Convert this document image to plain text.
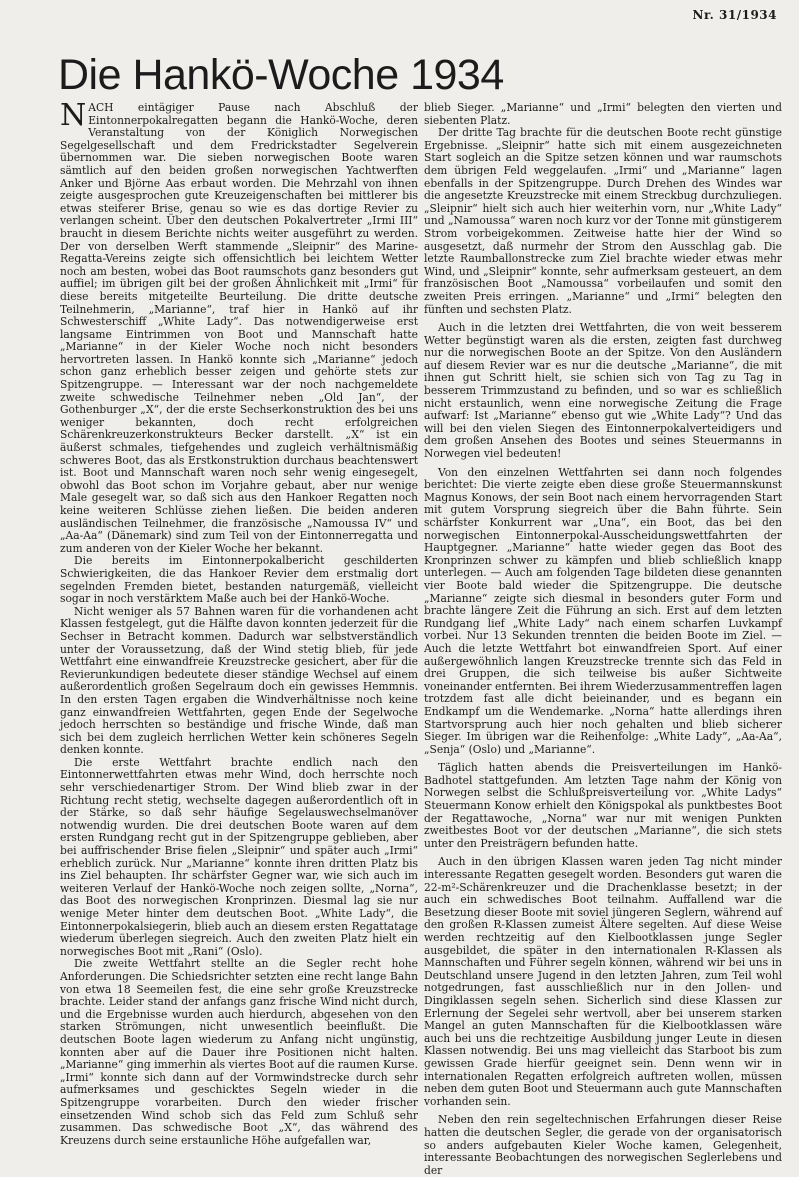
Nr. 31/1934
Die Hankö-Woche 1934

NACH eintägiger Pause nach Abschluß der Eintonnerpokalregatten begann die Hankö-Woche, deren Veranstaltung von der Königlich Norwegischen Segelgesellschaft und dem Fredrickstadter Segelverein übernommen war. Die sieben norwegischen Boote waren sämtlich auf den beiden großen norwegischen Yachtwerften Anker und Björne Aas erbaut worden. Die Mehrzahl von ihnen zeigte ausgesprochen gute Kreuzeigenschaften bei mittlerer bis etwas steiferer Brise, genau so wie es das dortige Revier zu verlangen scheint. Über den deutschen Pokalvertreter „Irmi III“ braucht in diesem Berichte nichts weiter ausgeführt zu werden. Der von derselben Werft stammende „Sleipnir“ des Marine-Regatta-Vereins zeigte sich offensichtlich bei leichtem Wetter noch am besten, wobei das Boot raumschots ganz besonders gut auffiel; im übrigen gilt bei der großen Ähnlichkeit mit „Irmi“ für diese bereits mitgeteilte Beurteilung. Die dritte deutsche Teilnehmerin, „Marianne“, traf hier in Hankö auf ihr Schwesterschiff „White Lady“. Das notwendigerweise erst langsame Eintrimmen von Boot und Mannschaft hatte „Marianne“ in der Kieler Woche noch nicht besonders hervortreten lassen. In Hankö konnte sich „Marianne“ jedoch schon ganz erheblich besser zeigen und gehörte stets zur Spitzengruppe. — Interessant war der noch nachgemeldete zweite schwedische Teilnehmer neben „Old Jan“, der Gothenburger „X“, der die erste Sechserkonstruktion des bei uns weniger bekannten, doch recht erfolgreichen Schärenkreuzerkonstrukteurs Becker darstellt. „X“ ist ein äußerst schmales, tiefgehendes und zugleich verhältnismäßig schweres Boot, das als Erstkonstruktion durchaus beachtenswert ist. Boot und Mannschaft waren noch sehr wenig eingesegelt, obwohl das Boot schon im Vorjahre gebaut, aber nur wenige Male gesegelt war, so daß sich aus den Hankoer Regatten noch keine weiteren Schlüsse ziehen ließen. Die beiden anderen ausländischen Teilnehmer, die französische „Namoussa IV“ und „Aa-Aa“ (Dänemark) sind zum Teil von der Eintonnerregatta und zum anderen von der Kieler Woche her bekannt.

Die bereits im Eintonnerpokalbericht geschilderten Schwierigkeiten, die das Hankoer Revier dem erstmalig dort segelnden Fremden bietet, bestanden naturgemäß, vielleicht sogar in noch verstärktem Maße auch bei der Hankö-Woche.

Nicht weniger als 57 Bahnen waren für die vorhandenen acht Klassen festgelegt, gut die Hälfte davon konnten jederzeit für die Sechser in Betracht kommen. Dadurch war selbstverständlich unter der Voraussetzung, daß der Wind stetig blieb, für jede Wettfahrt eine einwandfreie Kreuzstrecke gesichert, aber für die Revierunkundigen bedeutete dieser ständige Wechsel auf einem außerordentlich großen Segelraum doch ein gewisses Hemmnis. In den ersten Tagen ergaben die Windverhältnisse noch keine ganz einwandfreien Wettfahrten, gegen Ende der Segelwoche jedoch herrschten so beständige und frische Winde, daß man sich bei dem zugleich herrlichen Wetter kein schöneres Segeln denken konnte.

Die erste Wettfahrt brachte endlich nach den Eintonnerwettfahrten etwas mehr Wind, doch herrschte noch sehr verschiedenartiger Strom. Der Wind blieb zwar in der Richtung recht stetig, wechselte dagegen außerordentlich oft in der Stärke, so daß sehr häufige Segelauswechselmanöver notwendig wurden. Die drei deutschen Boote waren auf dem ersten Rundgang recht gut in der Spitzengruppe geblieben, aber bei auffrischender Brise fielen „Sleipnir“ und später auch „Irmi“ erheblich zurück. Nur „Marianne“ konnte ihren dritten Platz bis ins Ziel behaupten. Ihr schärfster Gegner war, wie sich auch im weiteren Verlauf der Hankö-Woche noch zeigen sollte, „Norna“, das Boot des norwegischen Kronprinzen. Diesmal lag sie nur wenige Meter hinter dem deutschen Boot. „White Lady“, die Eintonnerpokalsiegerin, blieb auch an diesem ersten Regattatage wiederum überlegen siegreich. Auch den zweiten Platz hielt ein norwegisches Boot mit „Rani“ (Oslo).

Die zweite Wettfahrt stellte an die Segler recht hohe Anforderungen. Die Schiedsrichter setzten eine recht lange Bahn von etwa 18 Seemeilen fest, die eine sehr große Kreuzstrecke brachte. Leider stand der anfangs ganz frische Wind nicht durch, und die Ergebnisse wurden auch hierdurch, abgesehen von den starken Strömungen, nicht unwesentlich beeinflußt. Die deutschen Boote lagen wiederum zu Anfang nicht ungünstig, konnten aber auf die Dauer ihre Positionen nicht halten. „Marianne“ ging immerhin als viertes Boot auf die raumen Kurse. „Irmi“ konnte sich dann auf der Vormwindstrecke durch sehr aufmerksames und geschicktes Segeln wieder in die Spitzengruppe vorarbeiten. Durch den wieder frischer einsetzenden Wind schob sich das Feld zum Schluß sehr zusammen. Das schwedische Boot „X“, das während des Kreuzens durch seine erstaunliche Höhe aufgefallen war,

blieb Sieger. „Marianne“ und „Irmi“ belegten den vierten und siebenten Platz.

Der dritte Tag brachte für die deutschen Boote recht günstige Ergebnisse. „Sleipnir“ hatte sich mit einem ausgezeichneten Start sogleich an die Spitze setzen können und war raumschots dem übrigen Feld weggelaufen. „Irmi“ und „Marianne“ lagen ebenfalls in der Spitzengruppe. Durch Drehen des Windes war die angesetzte Kreuzstrecke mit einem Streckbug durchzuliegen. „Sleipnir“ hielt sich auch hier weiterhin vorn, nur „White Lady“ und „Namoussa“ waren noch kurz vor der Tonne mit günstigerem Strom vorbeigekommen. Zeitweise hatte hier der Wind so ausgesetzt, daß nurmehr der Strom den Ausschlag gab. Die letzte Raumballonstrecke zum Ziel brachte wieder etwas mehr Wind, und „Sleipnir“ konnte, sehr aufmerksam gesteuert, an dem französischen Boot „Namoussa“ vorbeilaufen und somit den zweiten Preis erringen. „Marianne“ und „Irmi“ belegten den fünften und sechsten Platz.

Auch in die letzten drei Wettfahrten, die von weit besserem Wetter begünstigt waren als die ersten, zeigten fast durchweg nur die norwegischen Boote an der Spitze. Von den Ausländern auf diesem Revier war es nur die deutsche „Marianne“, die mit ihnen gut Schritt hielt, sie schien sich von Tag zu Tag in besserem Trimmzustand zu befinden, und so war es schließlich nicht erstaunlich, wenn eine norwegische Zeitung die Frage aufwarf: Ist „Marianne“ ebenso gut wie „White Lady“? Und das will bei den vielen Siegen des Eintonnerpokalverteidigers und dem großen Ansehen des Bootes und seines Steuermanns in Norwegen viel bedeuten!

Von den einzelnen Wettfahrten sei dann noch folgendes berichtet: Die vierte zeigte eben diese große Steuermannskunst Magnus Konows, der sein Boot nach einem hervorragenden Start mit gutem Vorsprung siegreich über die Bahn führte. Sein schärfster Konkurrent war „Una“, ein Boot, das bei den norwegischen Eintonnerpokal-Ausscheidungswettfahrten der Hauptgegner. „Marianne“ hatte wieder gegen das Boot des Kronprinzen schwer zu kämpfen und blieb schließlich knapp unterlegen. — Auch am folgenden Tage bildeten diese genannten vier Boote bald wieder die Spitzengruppe. Die deutsche „Marianne“ zeigte sich diesmal in besonders guter Form und brachte längere Zeit die Führung an sich. Erst auf dem letzten Rundgang lief „White Lady“ nach einem scharfen Luvkampf vorbei. Nur 13 Sekunden trennten die beiden Boote im Ziel. — Auch die letzte Wettfahrt bot einwandfreien Sport. Auf einer außergewöhnlich langen Kreuzstrecke trennte sich das Feld in drei Gruppen, die sich teilweise bis außer Sichtweite voneinander entfernten. Bei ihrem Wiederzusammentreffen lagen trotzdem fast alle dicht beieinander, und es begann ein Endkampf um die Wendemarke. „Norna“ hatte allerdings ihren Startvorsprung auch hier noch gehalten und blieb sicherer Sieger. Im übrigen war die Reihenfolge: „White Lady“, „Aa-Aa“, „Senja“ (Oslo) und „Marianne“.

Täglich hatten abends die Preisverteilungen im Hankö-Badhotel stattgefunden. Am letzten Tage nahm der König von Norwegen selbst die Schlußpreisverteilung vor. „White Ladys“ Steuermann Konow erhielt den Königspokal als punktbestes Boot der Regattawoche, „Norna“ war nur mit wenigen Punkten zweitbestes Boot vor der deutschen „Marianne“, die sich stets unter den Preisträgern befunden hatte.

Auch in den übrigen Klassen waren jeden Tag nicht minder interessante Regatten gesegelt worden. Besonders gut waren die 22-m²-Schärenkreuzer und die Drachenklasse besetzt; in der auch ein schwedisches Boot teilnahm. Auffallend war die Besetzung dieser Boote mit soviel jüngeren Seglern, während auf den großen R-Klassen zumeist Ältere segelten. Auf diese Weise werden rechtzeitig auf den Kielbootklassen junge Segler ausgebildet, die später in den internationalen R-Klassen als Mannschaften und Führer segeln können, während wir bei uns in Deutschland unsere Jugend in den letzten Jahren, zum Teil wohl notgedrungen, fast ausschließlich nur in den Jollen- und Dingiklassen segeln sehen. Sicherlich sind diese Klassen zur Erlernung der Segelei sehr wertvoll, aber bei unserem starken Mangel an guten Mannschaften für die Kielbootklassen wäre auch bei uns die rechtzeitige Ausbildung junger Leute in diesen Klassen notwendig. Bei uns mag vielleicht das Starboot bis zum gewissen Grade hierfür geeignet sein. Denn wenn wir in internationalen Regatten erfolgreich auftreten wollen, müssen neben dem guten Boot und Steuermann auch gute Mannschaften vorhanden sein.

Neben den rein segeltechnischen Erfahrungen dieser Reise hatten die deutschen Segler, die gerade von der organisatorisch so anders aufgebauten Kieler Woche kamen, Gelegenheit, interessante Beobachtungen des norwegischen Seglerlebens und der
